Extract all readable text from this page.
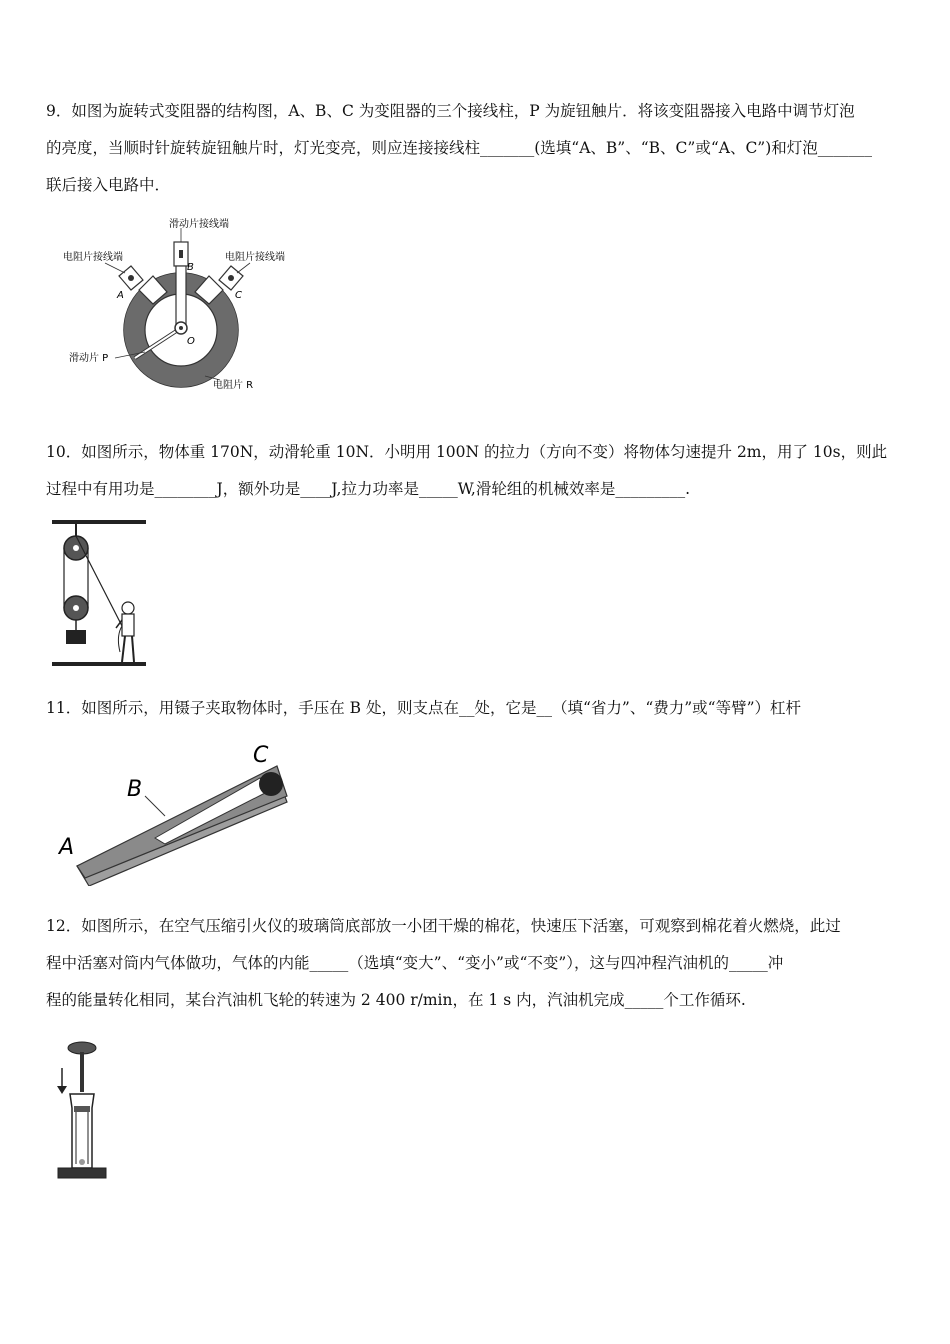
9．如图为旋转式变阻器的结构图，A、B、C 为变阻器的三个接线柱，P 为旋钮触片．将该变阻器接入电路中调节灯泡

的亮度，当顺时针旋转旋钮触片时，灯光变亮，则应连接接线柱_______(选填“A、B”、“B、C”或“A、C”)和灯泡_______

联后接入电路中．

滑动片接线端
电阻片接线端	电阻片接线端
A
B
C
O
滑动片 P
电阻片 R

10．如图所示，物体重 170N，动滑轮重 10N．小明用 100N 的拉力（方向不变）将物体匀速提升 2m，用了 10s，则此

过程中有用功是________J，额外功是____J,拉力功率是_____W,滑轮组的机械效率是_________.

11．如图所示，用镊子夹取物体时，手压在 B 处，则支点在__处，它是__（填“省力”、“费力”或“等臂”）杠杆

A
B
C

12．如图所示，在空气压缩引火仪的玻璃筒底部放一小团干燥的棉花，快速压下活塞，可观察到棉花着火燃烧，此过

程中活塞对筒内气体做功，气体的内能_____（选填“变大”、“变小”或“不变”），这与四冲程汽油机的_____冲

程的能量转化相同，某台汽油机飞轮的转速为 2 400 r/min，在 1 s 内，汽油机完成_____个工作循环.
